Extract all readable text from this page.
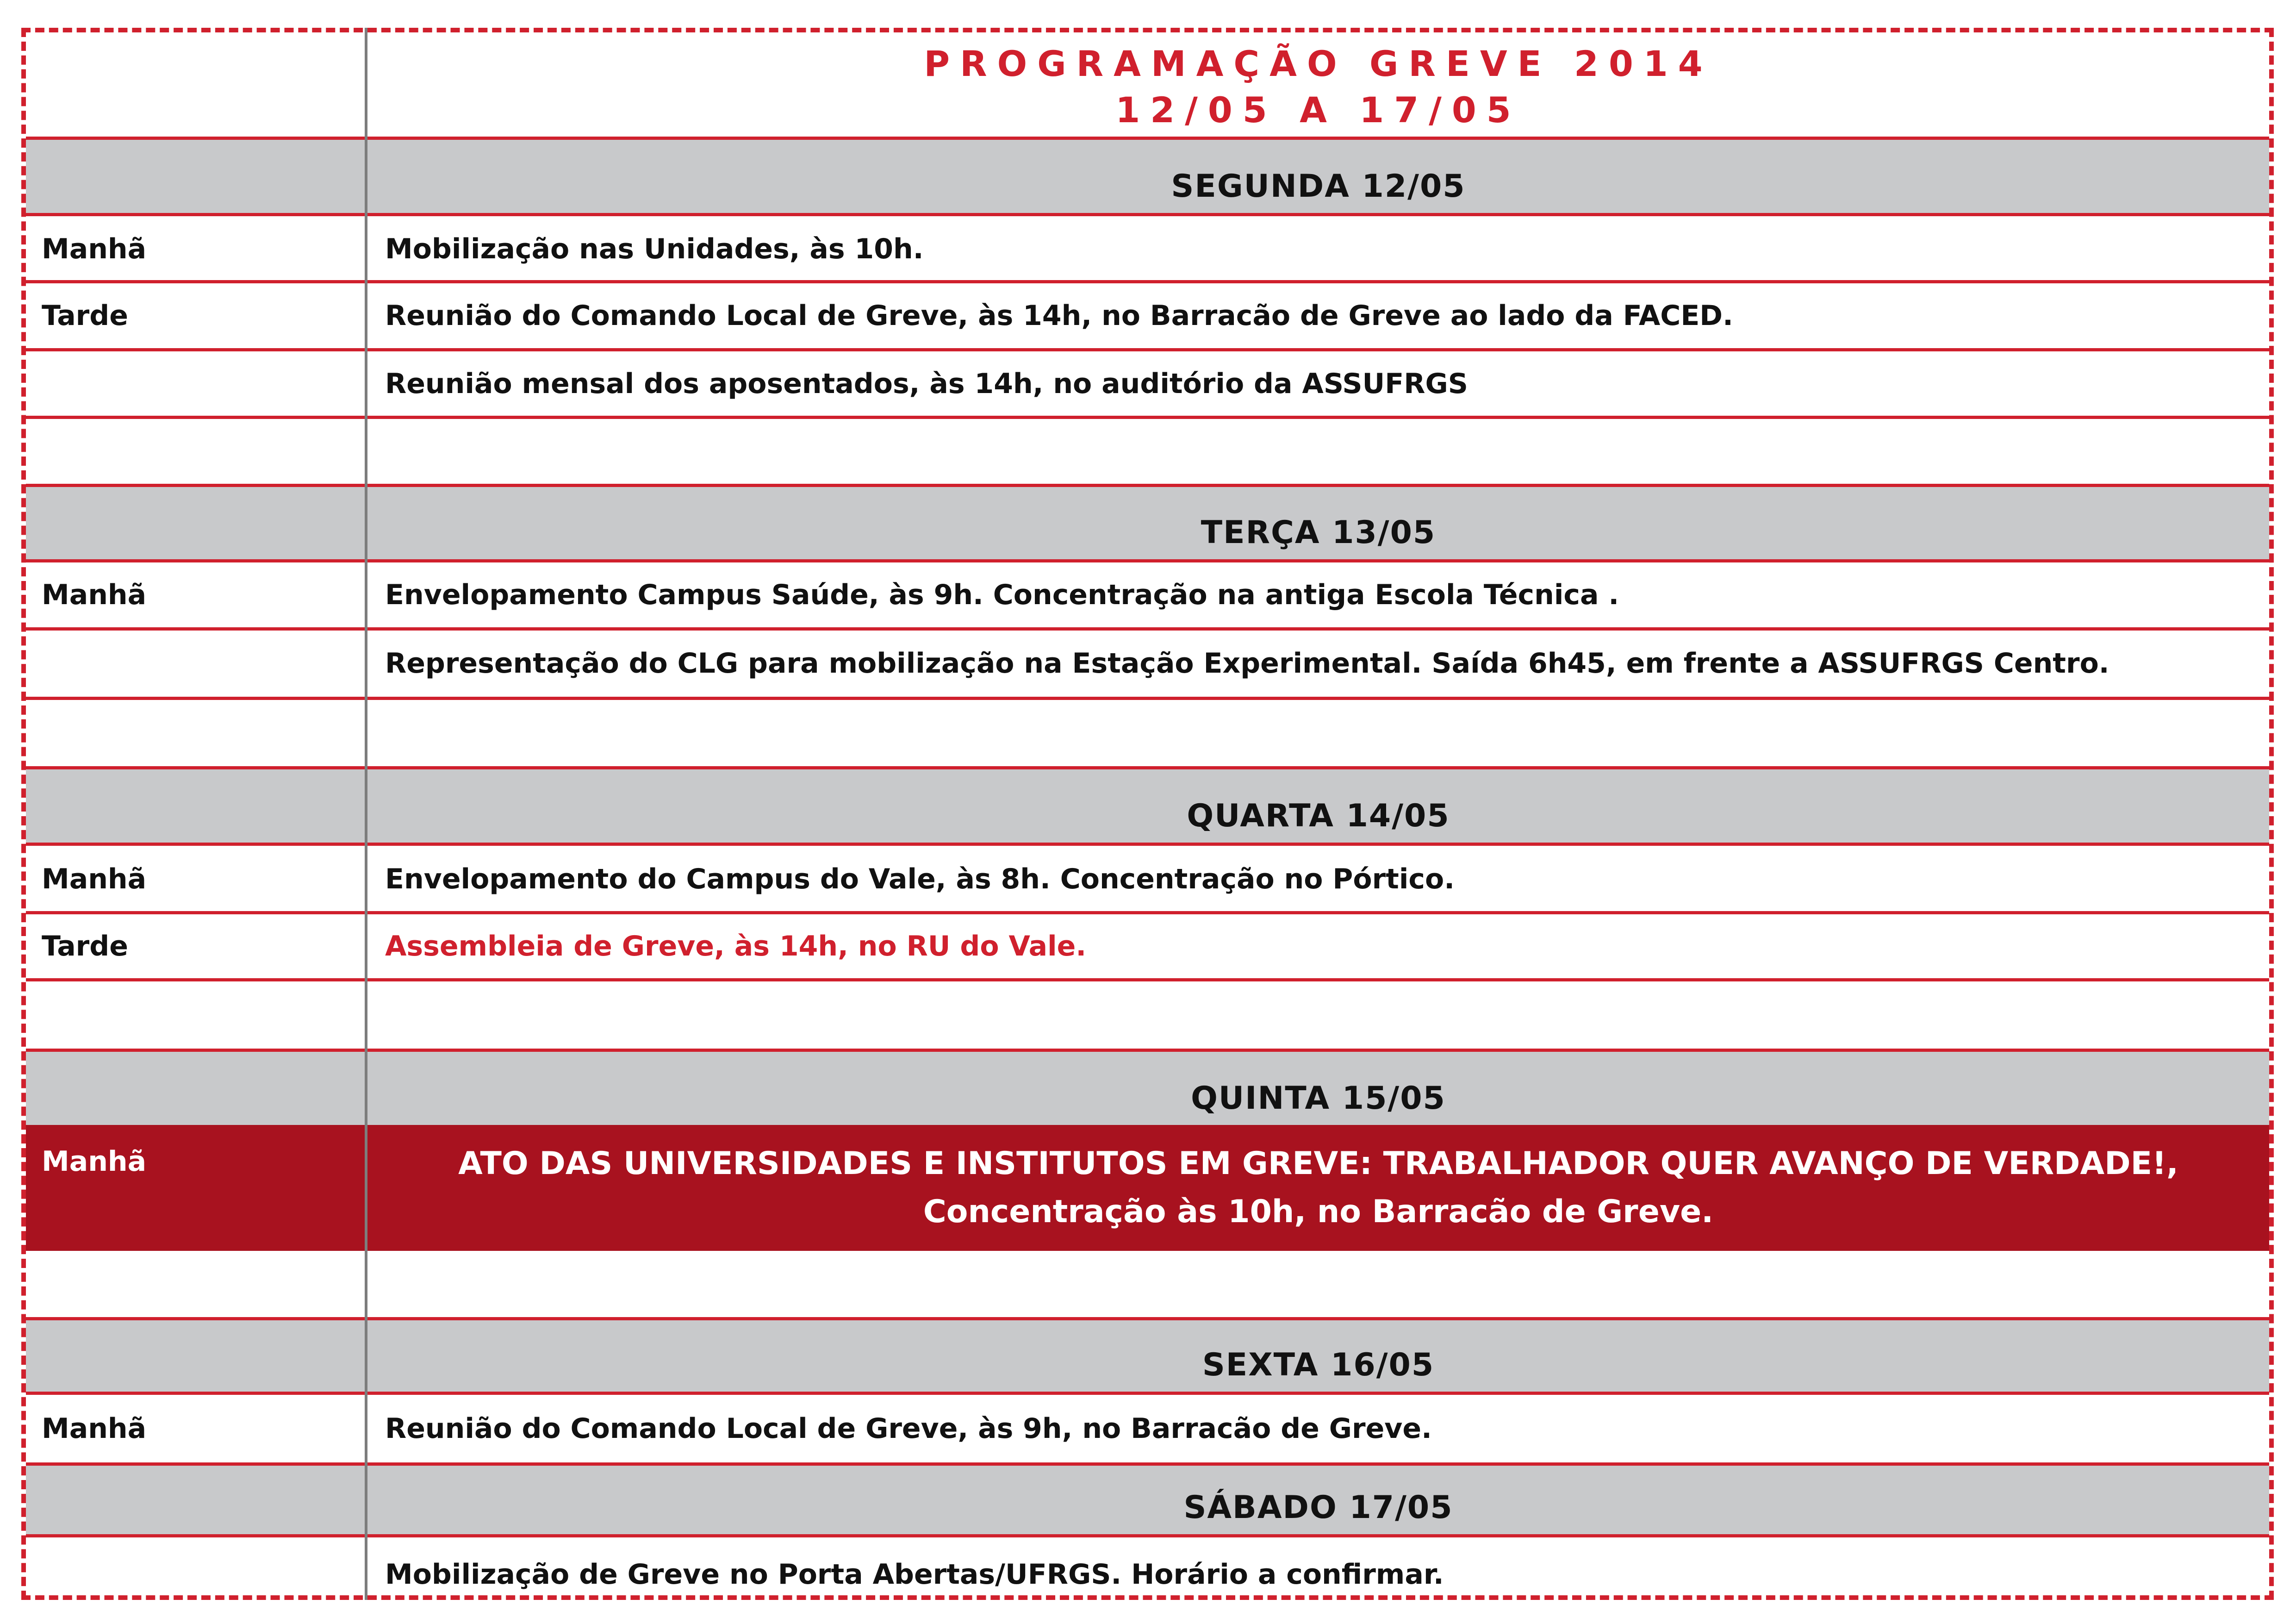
PROGRAMAÇÃO GREVE 2014
12/05 A 17/05
SEGUNDA 12/05
Manhã	Mobilização nas Unidades, às 10h.
Tarde	Reunião do Comando Local de Greve, às 14h, no Barracão de Greve ao lado da FACED.
Reunião mensal dos aposentados, às 14h, no auditório da ASSUFRGS
TERÇA 13/05
Manhã	Envelopamento Campus Saúde, às 9h. Concentração na antiga Escola Técnica .
Representação do CLG para mobilização na Estação Experimental. Saída 6h45, em frente a ASSUFRGS Centro.
QUARTA 14/05
Manhã	Envelopamento do Campus do Vale, às 8h. Concentração no Pórtico.
Tarde	Assembleia de Greve, às 14h, no RU do Vale.
QUINTA 15/05
Manhã	ATO DAS UNIVERSIDADES E INSTITUTOS EM GREVE: TRABALHADOR QUER AVANÇO DE VERDADE!,
Concentração às 10h, no Barracão de Greve.
SEXTA 16/05
Manhã	Reunião do Comando Local de Greve, às 9h, no Barracão de Greve.
SÁBADO 17/05
Mobilização de Greve no Porta Abertas/UFRGS. Horário a confirmar.
